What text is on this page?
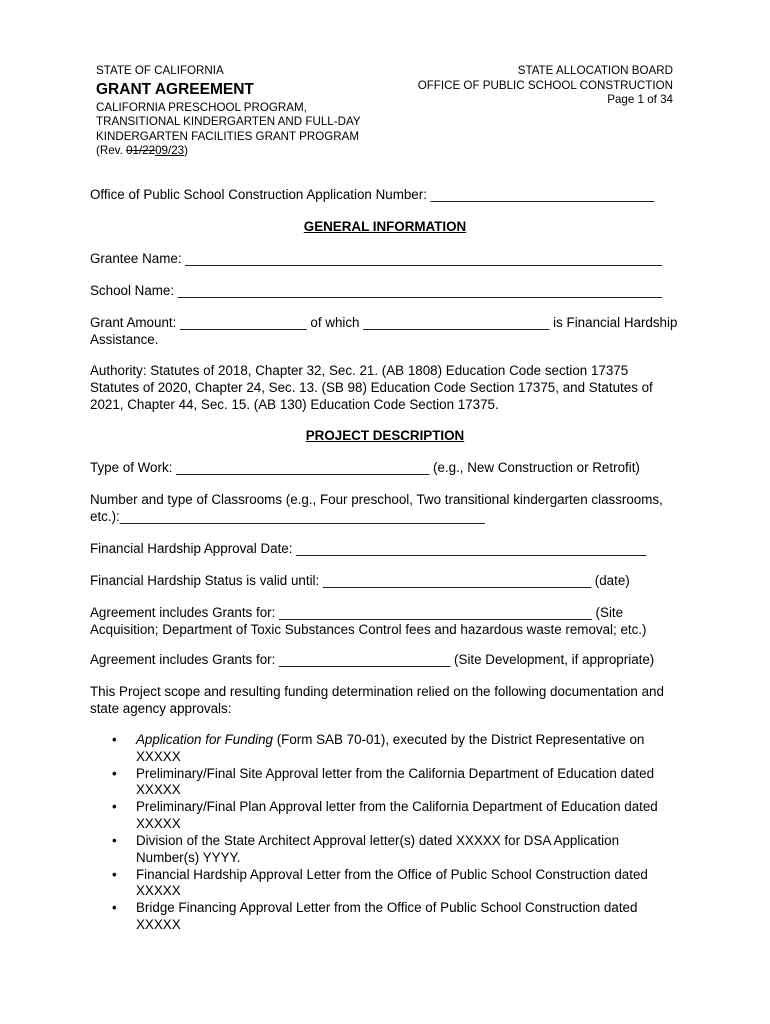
STATE OF CALIFORNIA
GRANT AGREEMENT
CALIFORNIA PRESCHOOL PROGRAM,
TRANSITIONAL KINDERGARTEN AND FULL-DAY
KINDERGARTEN FACILITIES GRANT PROGRAM
(Rev. 01/2209/23)
STATE ALLOCATION BOARD
OFFICE OF PUBLIC SCHOOL CONSTRUCTION
Page 1 of 34
Office of Public School Construction Application Number: ______________________________
GENERAL INFORMATION
Grantee Name: ________________________________________________________________
School Name: _________________________________________________________________
Grant Amount: _________________ of which _________________________ is Financial Hardship Assistance.
Authority: Statutes of 2018, Chapter 32, Sec. 21. (AB 1808) Education Code section 17375 Statutes of 2020, Chapter 24, Sec. 13. (SB 98) Education Code Section 17375, and Statutes of 2021, Chapter 44, Sec. 15. (AB 130) Education Code Section 17375.
PROJECT DESCRIPTION
Type of Work: __________________________________ (e.g., New Construction or Retrofit)
Number and type of Classrooms (e.g., Four preschool, Two transitional kindergarten classrooms, etc.):_________________________________________________
Financial Hardship Approval Date: _______________________________________________
Financial Hardship Status is valid until: ____________________________________ (date)
Agreement includes Grants for: __________________________________________ (Site Acquisition; Department of Toxic Substances Control fees and hazardous waste removal; etc.)
Agreement includes Grants for: _______________________ (Site Development, if appropriate)
This Project scope and resulting funding determination relied on the following documentation and state agency approvals:
• Application for Funding (Form SAB 70-01), executed by the District Representative on XXXXX
• Preliminary/Final Site Approval letter from the California Department of Education dated XXXXX
• Preliminary/Final Plan Approval letter from the California Department of Education dated XXXXX
• Division of the State Architect Approval letter(s) dated XXXXX for DSA Application Number(s) YYYY.
• Financial Hardship Approval Letter from the Office of Public School Construction dated XXXXX
• Bridge Financing Approval Letter from the Office of Public School Construction dated XXXXX
